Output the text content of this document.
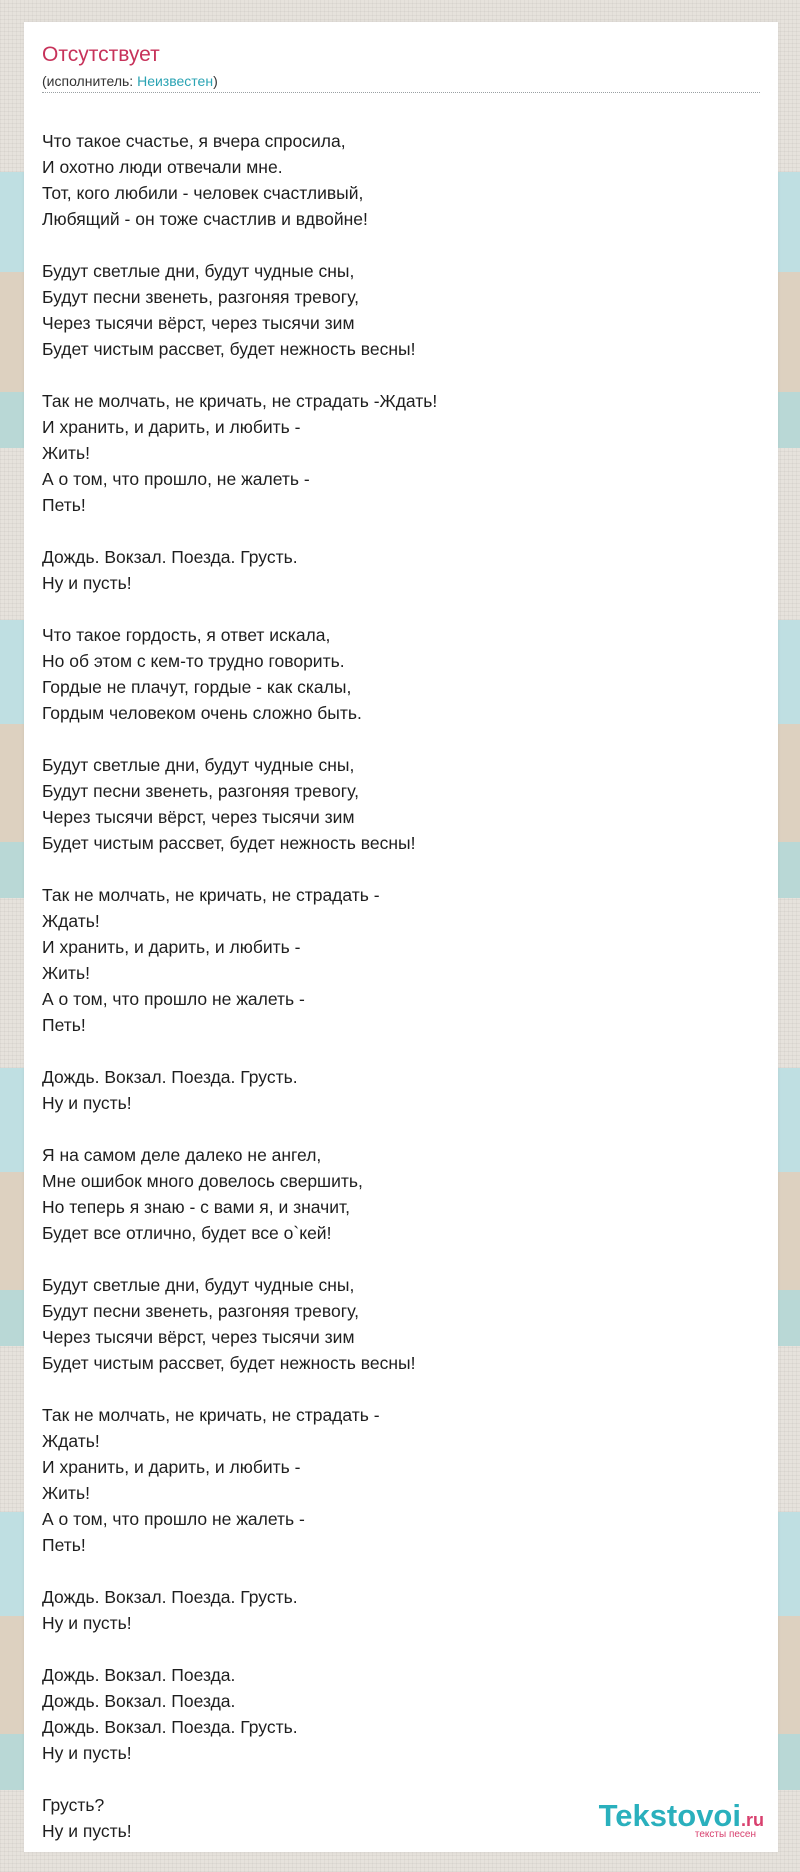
Отсутствует

(исполнитель: Неизвестен)

Что такое счастье, я вчера спросила,
И охотно люди отвечали мне.
Тот, кого любили - человек счастливый,
Любящий - он тоже счастлив и вдвойне!
Будут светлые дни, будут чудные сны,
Будут песни звенеть, разгоняя тревогу,
Через тысячи вёрст, через тысячи зим
Будет чистым рассвет, будет нежность весны!
Так не молчать, не кричать, не страдать -Ждать!
И хранить, и дарить, и любить -
Жить!
А о том, что прошло, не жалеть -
Петь!
Дождь. Вокзал. Поезда. Грусть.
Ну и пусть!
Что такое гордость, я ответ искала,
Но об этом с кем-то трудно говорить.
Гордые не плачут, гордые - как скалы,
Гордым человеком очень сложно быть.
Будут светлые дни, будут чудные сны,
Будут песни звенеть, разгоняя тревогу,
Через тысячи вёрст, через тысячи зим
Будет чистым рассвет, будет нежность весны!
Так не молчать, не кричать, не страдать -
Ждать!
И хранить, и дарить, и любить -
Жить!
А о том, что прошло не жалеть -
Петь!
Дождь. Вокзал. Поезда. Грусть.
Ну и пусть!
Я на самом деле далеко не ангел,
Мне ошибок много довелось свершить,
Но теперь я знаю - с вами я, и значит,
Будет все отлично, будет все о`кей!
Будут светлые дни, будут чудные сны,
Будут песни звенеть, разгоняя тревогу,
Через тысячи вёрст, через тысячи зим
Будет чистым рассвет, будет нежность весны!
Так не молчать, не кричать, не страдать -
Ждать!
И хранить, и дарить, и любить -
Жить!
А о том, что прошло не жалеть -
Петь!
Дождь. Вокзал. Поезда. Грусть.
Ну и пусть!
Дождь. Вокзал. Поезда.
Дождь. Вокзал. Поезда.
Дождь. Вокзал. Поезда. Грусть.
Ну и пусть!
Грусть?
Ну и пусть!	Tekstovoi.ru
тексты песен
